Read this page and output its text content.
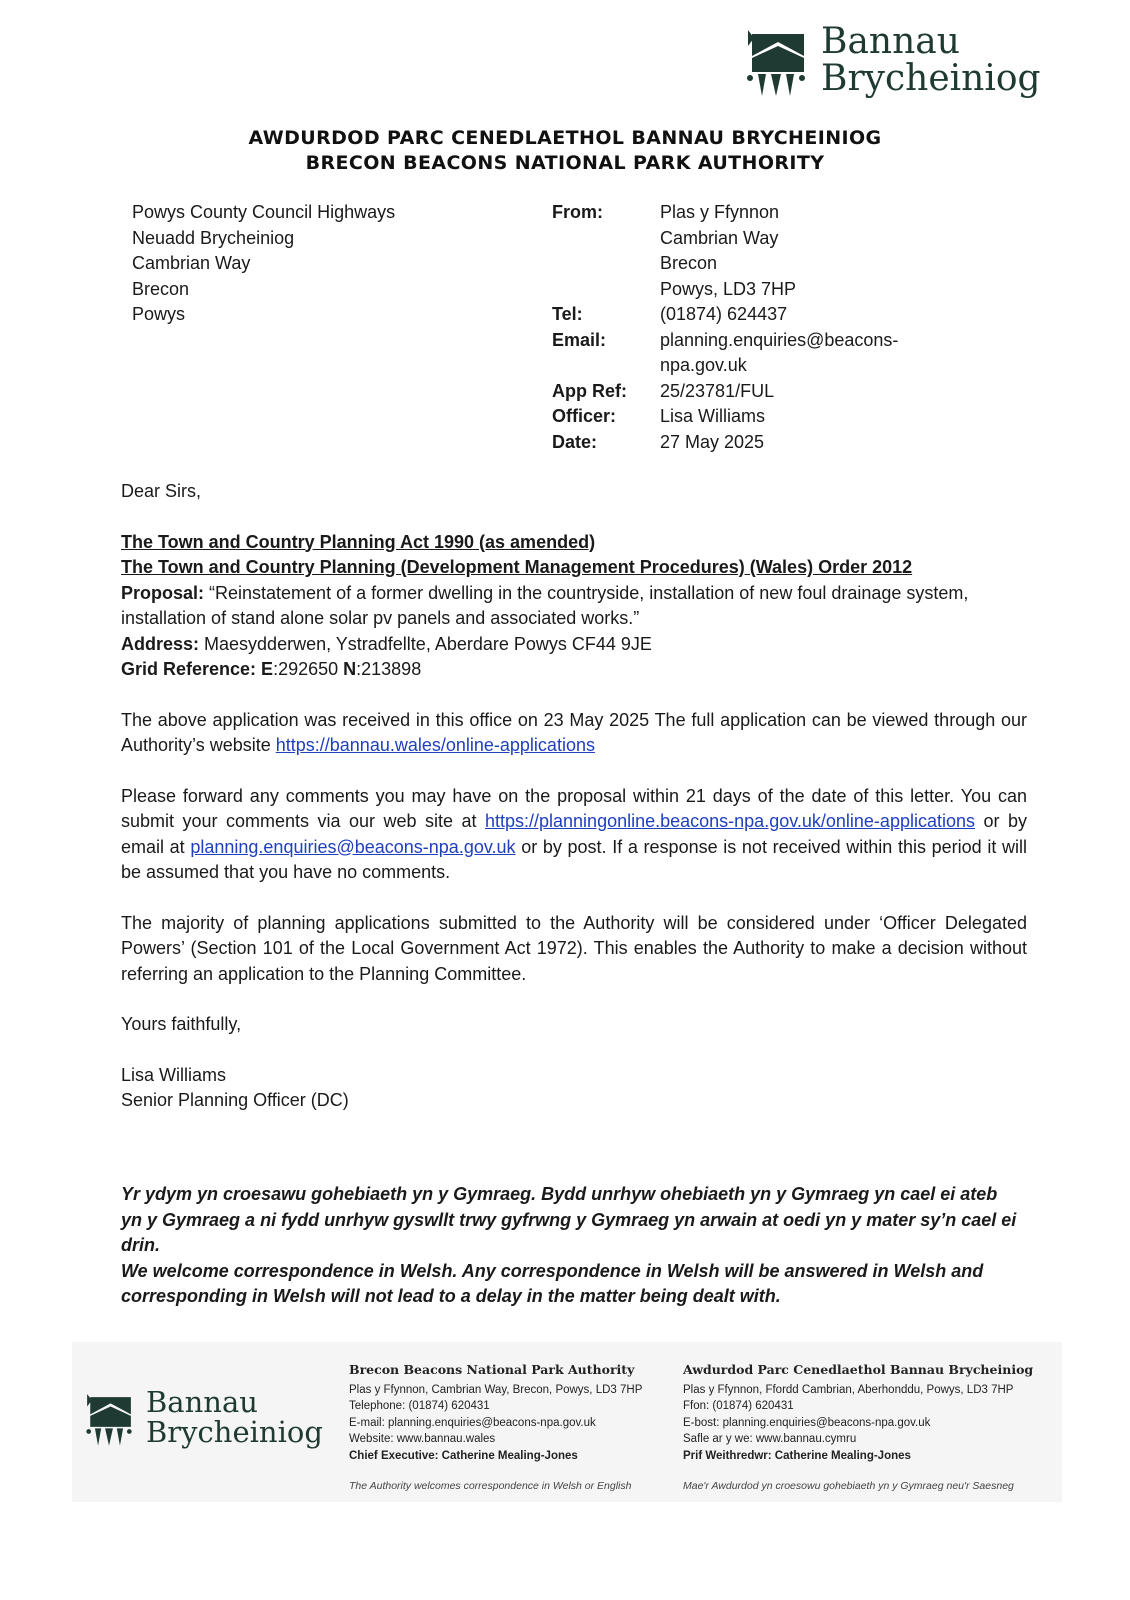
Bannau
Brycheiniog
AWDURDOD PARC CENEDLAETHOL BANNAU BRYCHEINIOG
BRECON BEACONS NATIONAL PARK AUTHORITY
Powys County Council Highways
Neuadd Brycheiniog
Cambrian Way
Brecon
Powys
From:	Plas y Ffynnon
Cambrian Way
Brecon
Powys, LD3 7HP
Tel:	(01874) 624437
Email:	planning.enquiries@beacons-
npa.gov.uk
App Ref:	25/23781/FUL
Officer:	Lisa Williams
Date:	27 May 2025
Dear Sirs,
The Town and Country Planning Act 1990 (as amended)
The Town and Country Planning (Development Management Procedures) (Wales) Order 2012
Proposal: “Reinstatement of a former dwelling in the countryside, installation of new foul drainage system, installation of stand alone solar pv panels and associated works.”
Address: Maesydderwen, Ystradfellte, Aberdare Powys CF44 9JE
Grid Reference: E:292650 N:213898
The above application was received in this office on 23 May 2025 The full application can be viewed through our Authority’s website https://bannau.wales/online-applications
Please forward any comments you may have on the proposal within 21 days of the date of this letter. You can submit your comments via our web site at https://planningonline.beacons-npa.gov.uk/online-applications or by email at planning.enquiries@beacons-npa.gov.uk or by post. If a response is not received within this period it will be assumed that you have no comments.
The majority of planning applications submitted to the Authority will be considered under ‘Officer Delegated Powers’ (Section 101 of the Local Government Act 1972). This enables the Authority to make a decision without referring an application to the Planning Committee.
Yours faithfully,
Lisa Williams
Senior Planning Officer (DC)
Yr ydym yn croesawu gohebiaeth yn y Gymraeg. Bydd unrhyw ohebiaeth yn y Gymraeg yn cael ei ateb yn y Gymraeg a ni fydd unrhyw gyswllt trwy gyfrwng y Gymraeg yn arwain at oedi yn y mater sy’n cael ei drin.
We welcome correspondence in Welsh. Any correspondence in Welsh will be answered in Welsh and corresponding in Welsh will not lead to a delay in the matter being dealt with.
Bannau
Brycheiniog
Brecon Beacons National Park Authority
Plas y Ffynnon, Cambrian Way, Brecon, Powys, LD3 7HP
Telephone: (01874) 620431
E-mail: planning.enquiries@beacons-npa.gov.uk
Website: www.bannau.wales
Chief Executive: Catherine Mealing-Jones
The Authority welcomes correspondence in Welsh or English
Awdurdod Parc Cenedlaethol Bannau Brycheiniog
Plas y Ffynnon, Ffordd Cambrian, Aberhonddu, Powys, LD3 7HP
Ffon: (01874) 620431
E-bost: planning.enquiries@beacons-npa.gov.uk
Safle ar y we: www.bannau.cymru
Prif Weithredwr: Catherine Mealing-Jones
Mae'r Awdurdod yn croesowu gohebiaeth yn y Gymraeg neu'r Saesneg
